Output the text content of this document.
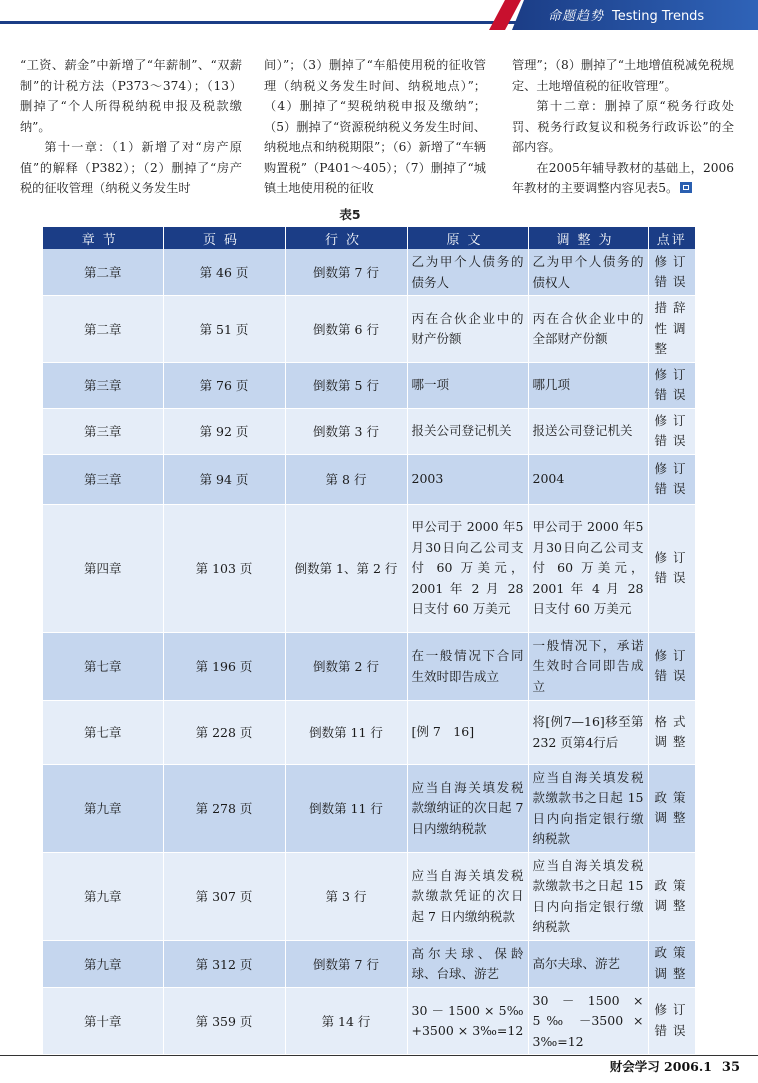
命题趋势 Testing Trends

“工资、薪金”中新增了“年薪制”、“双薪制”的计税方法（P373～374）；（13）删掉了“个人所得税纳税申报及税款缴纳”。

第十一章：（1）新增了对“房产原值”的解释（P382）；（2）删掉了“房产税的征收管理（纳税义务发生时

间）”；（3）删掉了“车船使用税的征收管理（纳税义务发生时间、纳税地点）”；（4）删掉了“契税纳税申报及缴纳”；（5）删掉了“资源税纳税义务发生时间、纳税地点和纳税期限”；（6）新增了“车辆购置税”（P401～405）；（7）删掉了“城镇土地使用税的征收

管理”；（8）删掉了“土地增值税减免税规定、土地增值税的征收管理”。

第十二章：删掉了原“税务行政处罚、税务行政复议和税务行政诉讼”的全部内容。

在2005年辅导教材的基础上，2006年教材的主要调整内容见表5。

表5
章节	页码	行次	原文	调整为	点评
第二章	第 46 页	倒数第 7 行	乙为甲个人债务的债务人	乙为甲个人债务的债权人	修订错误
第二章	第 51 页	倒数第 6 行	丙在合伙企业中的财产份额	丙在合伙企业中的全部财产份额	措辞性调整
第三章	第 76 页	倒数第 5 行	哪一项	哪几项	修订错误
第三章	第 92 页	倒数第 3 行	报关公司登记机关	报送公司登记机关	修订错误
第三章	第 94 页	第 8 行	2003	2004	修订错误
第四章	第 103 页	倒数第 1、第 2 行	甲公司于 2000 年5月30日向乙公司支付 60 万美元，2001 年 2 月 28 日支付 60 万美元	甲公司于 2000 年5月30日向乙公司支付 60 万美元，2001 年 4 月 28 日支付 60 万美元	修订错误
第七章	第 196 页	倒数第 2 行	在一般情况下合同生效时即告成立	一般情况下，承诺生效时合同即告成立	修订错误
第七章	第 228 页	倒数第 11 行	[例 7　16]	将[例7—16]移至第 232 页第4行后	格式调整
第九章	第 278 页	倒数第 11 行	应当自海关填发税款缴纳证的次日起 7 日内缴纳税款	应当自海关填发税款缴款书之日起 15 日内向指定银行缴纳税款	政策调整
第九章	第 307 页	第 3 行	应当自海关填发税款缴款凭证的次日起 7 日内缴纳税款	应当自海关填发税款缴款书之日起 15 日内向指定银行缴纳税款	政策调整
第九章	第 312 页	倒数第 7 行	高尔夫球、保龄球、台球、游艺	高尔夫球、游艺	政策调整
第十章	第 359 页	第 14 行	30 － 1500 × 5‰ +3500 × 3‰=12	30 － 1500 × 5‰ －3500 × 3‰=12	修订错误
财会学习 2006.1 35
